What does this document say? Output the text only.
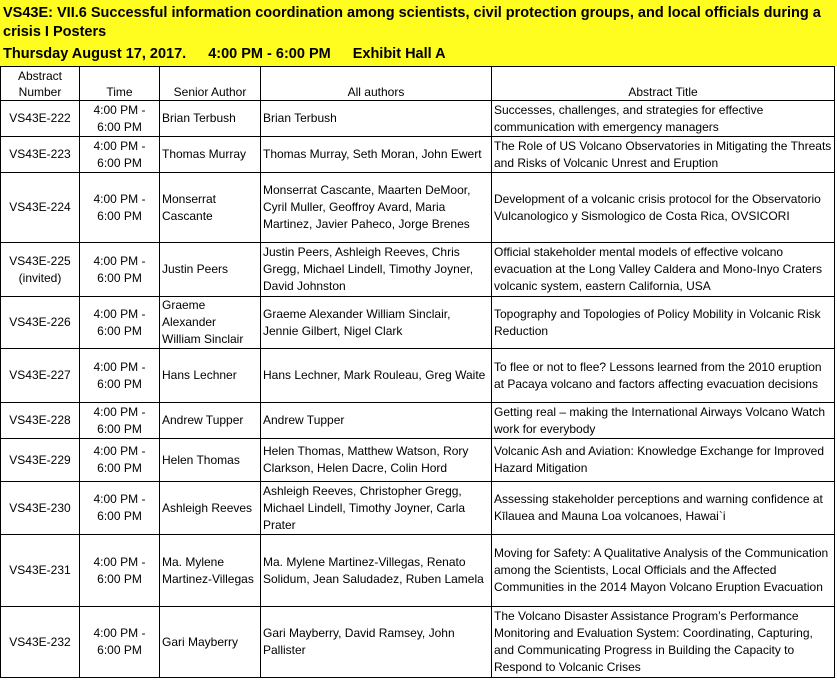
VS43E: VII.6 Successful information coordination among scientists, civil protection groups, and local officials during a
crisis I Posters
Thursday August 17, 2017. 4:00 PM - 6:00 PM Exhibit Hall A
Abstract Number	Time	Senior Author	All authors	Abstract Title
VS43E-222	4:00 PM - 6:00 PM	Brian Terbush	Brian Terbush	Successes, challenges, and strategies for effective communication with emergency managers
VS43E-223	4:00 PM - 6:00 PM	Thomas Murray	Thomas Murray, Seth Moran, John Ewert	The Role of US Volcano Observatories in Mitigating the Threats and Risks of Volcanic Unrest and Eruption
VS43E-224	4:00 PM - 6:00 PM	Monserrat Cascante	Monserrat Cascante, Maarten DeMoor, Cyril Muller, Geoffroy Avard, Maria Martinez, Javier Paheco, Jorge Brenes	Development of a volcanic crisis protocol for the Observatorio Vulcanologico y Sismologico de Costa Rica, OVSICORI
VS43E-225 (invited)	4:00 PM - 6:00 PM	Justin Peers	Justin Peers, Ashleigh Reeves, Chris Gregg, Michael Lindell, Timothy Joyner, David Johnston	Official stakeholder mental models of effective volcano evacuation at the Long Valley Caldera and Mono-Inyo Craters volcanic system, eastern California, USA
VS43E-226	4:00 PM - 6:00 PM	Graeme Alexander William Sinclair	Graeme Alexander William Sinclair, Jennie Gilbert, Nigel Clark	Topography and Topologies of Policy Mobility in Volcanic Risk Reduction
VS43E-227	4:00 PM - 6:00 PM	Hans Lechner	Hans Lechner, Mark Rouleau, Greg Waite	To flee or not to flee? Lessons learned from the 2010 eruption at Pacaya volcano and factors affecting evacuation decisions
VS43E-228	4:00 PM - 6:00 PM	Andrew Tupper	Andrew Tupper	Getting real – making the International Airways Volcano Watch work for everybody
VS43E-229	4:00 PM - 6:00 PM	Helen Thomas	Helen Thomas, Matthew Watson, Rory Clarkson, Helen Dacre, Colin Hord	Volcanic Ash and Aviation: Knowledge Exchange for Improved Hazard Mitigation
VS43E-230	4:00 PM - 6:00 PM	Ashleigh Reeves	Ashleigh Reeves, Christopher Gregg, Michael Lindell, Timothy Joyner, Carla Prater	Assessing stakeholder perceptions and warning confidence at Kīlauea and Mauna Loa volcanoes, Hawai`i
VS43E-231	4:00 PM - 6:00 PM	Ma. Mylene Martinez-Villegas	Ma. Mylene Martinez-Villegas, Renato Solidum, Jean Saludadez, Ruben Lamela	Moving for Safety: A Qualitative Analysis of the Communication among the Scientists, Local Officials and the Affected Communities in the 2014 Mayon Volcano Eruption Evacuation
VS43E-232	4:00 PM - 6:00 PM	Gari Mayberry	Gari Mayberry, David Ramsey, John Pallister	The Volcano Disaster Assistance Program’s Performance Monitoring and Evaluation System: Coordinating, Capturing, and Communicating Progress in Building the Capacity to Respond to Volcanic Crises
